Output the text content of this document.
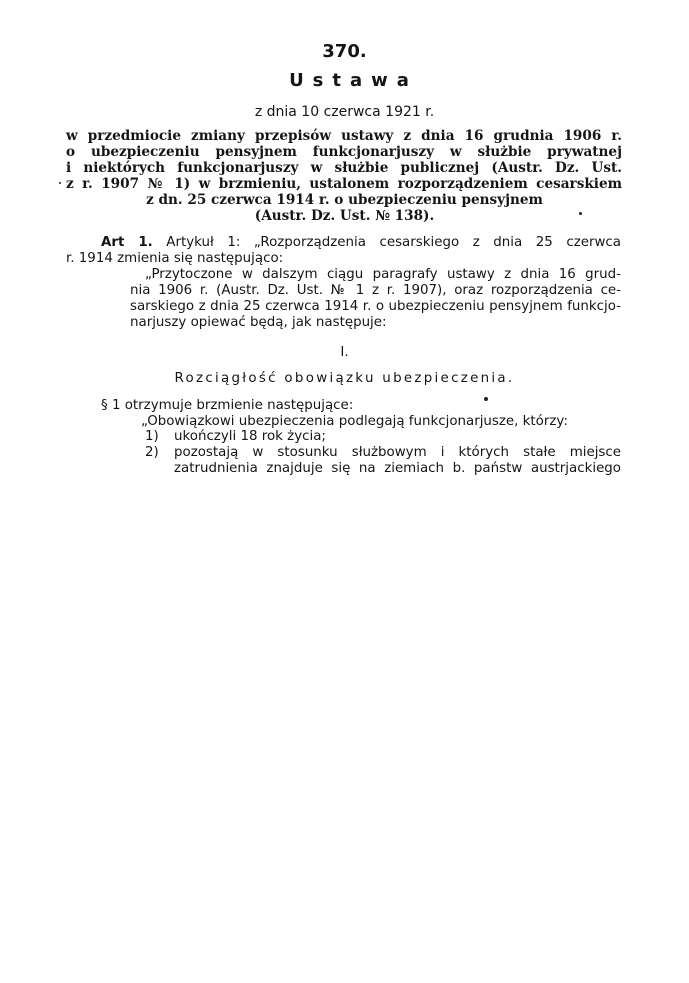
370.
Ustawa
z dnia 10 czerwca 1921 r.
w przedmiocie zmiany przepisów ustawy z dnia 16 grudnia 1906 r.
o ubezpieczeniu pensyjnem funkcjonarjuszy w służbie prywatnej
i niektórych funkcjonarjuszy w służbie publicznej (Austr. Dz. Ust.
z r. 1907 № 1) w brzmieniu, ustalonem rozporządzeniem cesarskiem
z dn. 25 czerwca 1914 r. o ubezpieczeniu pensyjnem
(Austr. Dz. Ust. № 138).
Art 1. Artykuł 1: „Rozporządzenia cesarskiego z dnia 25 czerwca
r. 1914 zmienia się następująco:
„Przytoczone w dalszym ciągu paragrafy ustawy z dnia 16 grud-
nia 1906 r. (Austr. Dz. Ust. № 1 z r. 1907), oraz rozporządzenia ce-
sarskiego z dnia 25 czerwca 1914 r. o ubezpieczeniu pensyjnem funkcjo-
narjuszy opiewać będą, jak następuje:
I.
Rozciągłość obowiązku ubezpieczenia.
§ 1 otrzymuje brzmienie następujące:
„Obowiązkowi ubezpieczenia podlegają funkcjonarjusze, którzy:
1) ukończyli 18 rok życia;
2) pozostają w stosunku służbowym i których stałe miejsce
zatrudnienia znajduje się na ziemiach b. państw austrjackiego
